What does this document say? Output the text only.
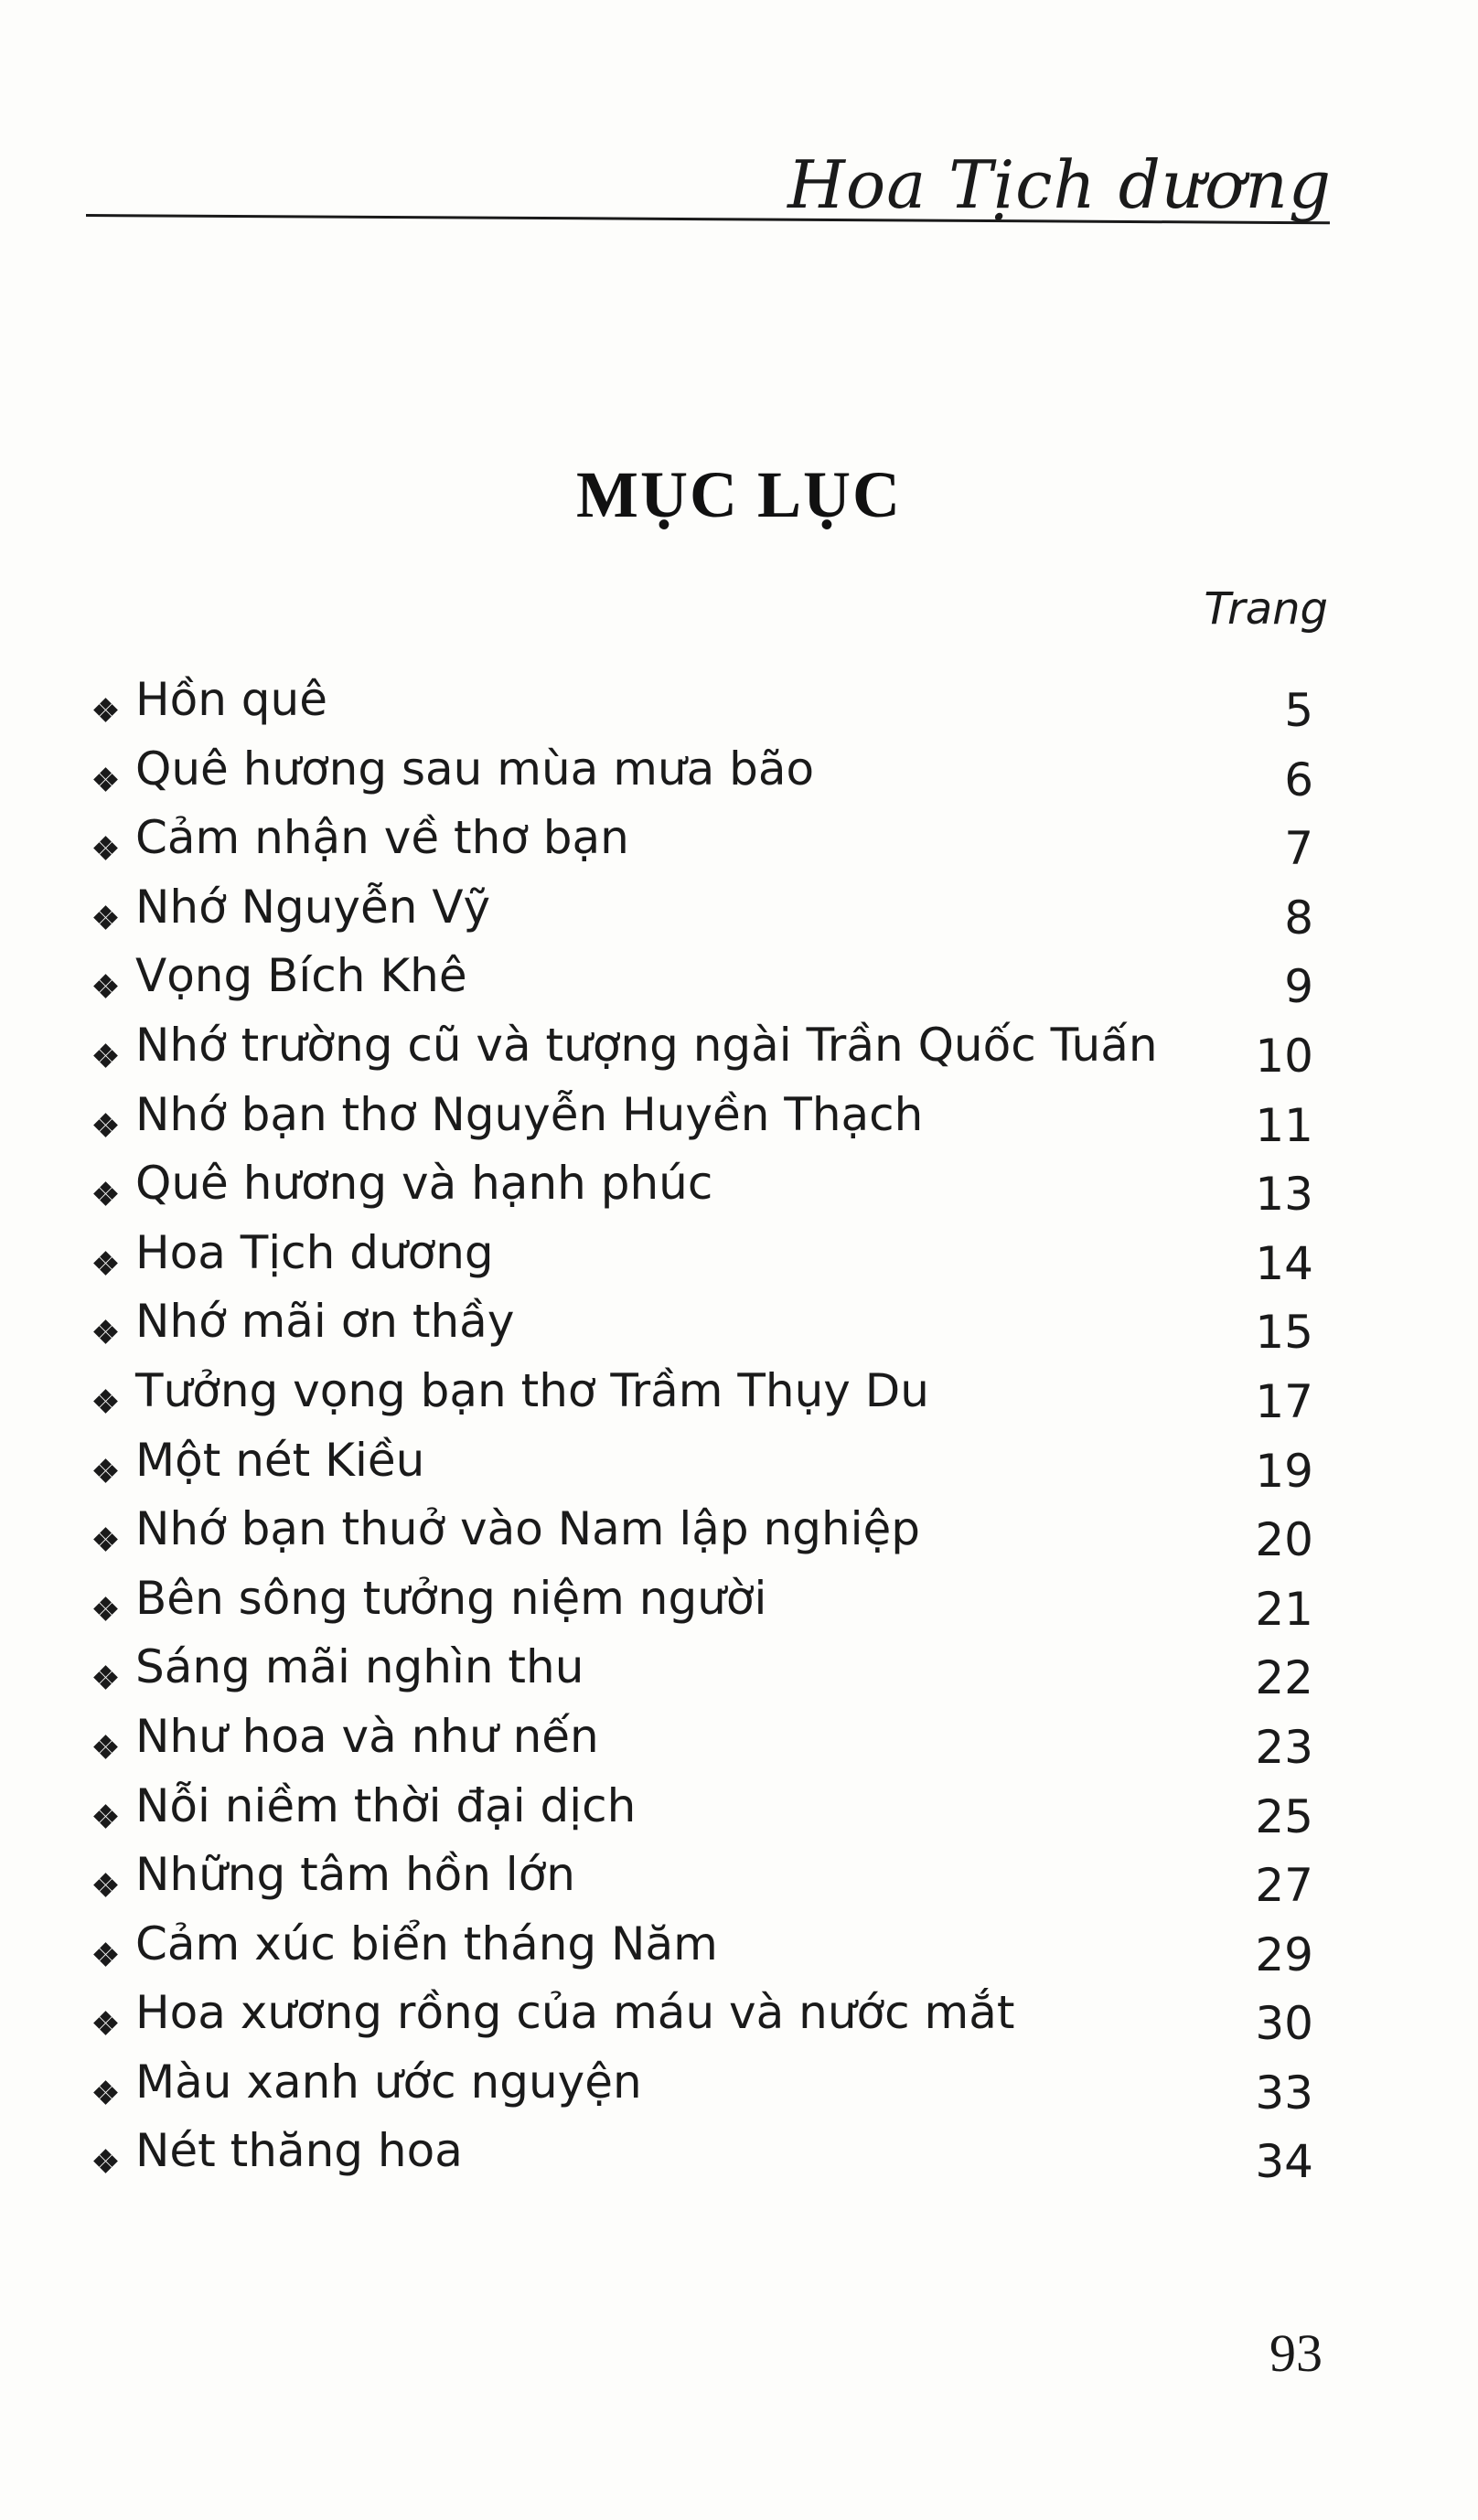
Hoa Tịch dương
MỤC LỤC
Trang
Hồn quê	5
Quê hương sau mùa mưa bão	6
Cảm nhận về thơ bạn	7
Nhớ Nguyễn Vỹ	8
Vọng Bích Khê	9
Nhớ trường cũ và tượng ngài Trần Quốc Tuấn 10
Nhớ bạn thơ Nguyễn Huyền Thạch	11
Quê hương và hạnh phúc	13
Hoa Tịch dương	14
Nhớ mãi ơn thầy	15
Tưởng vọng bạn thơ Trầm Thụy Du	17
Một nét Kiều	19
Nhớ bạn thuở vào Nam lập nghiệp	20
Bên sông tưởng niệm người	21
Sáng mãi nghìn thu	22
Như hoa và như nến	23
Nỗi niềm thời đại dịch	25
Những tâm hồn lớn	27
Cảm xúc biển tháng Năm	29
Hoa xương rồng của máu và nước mắt	30
Màu xanh ước nguyện	33
Nét thăng hoa	34
93
